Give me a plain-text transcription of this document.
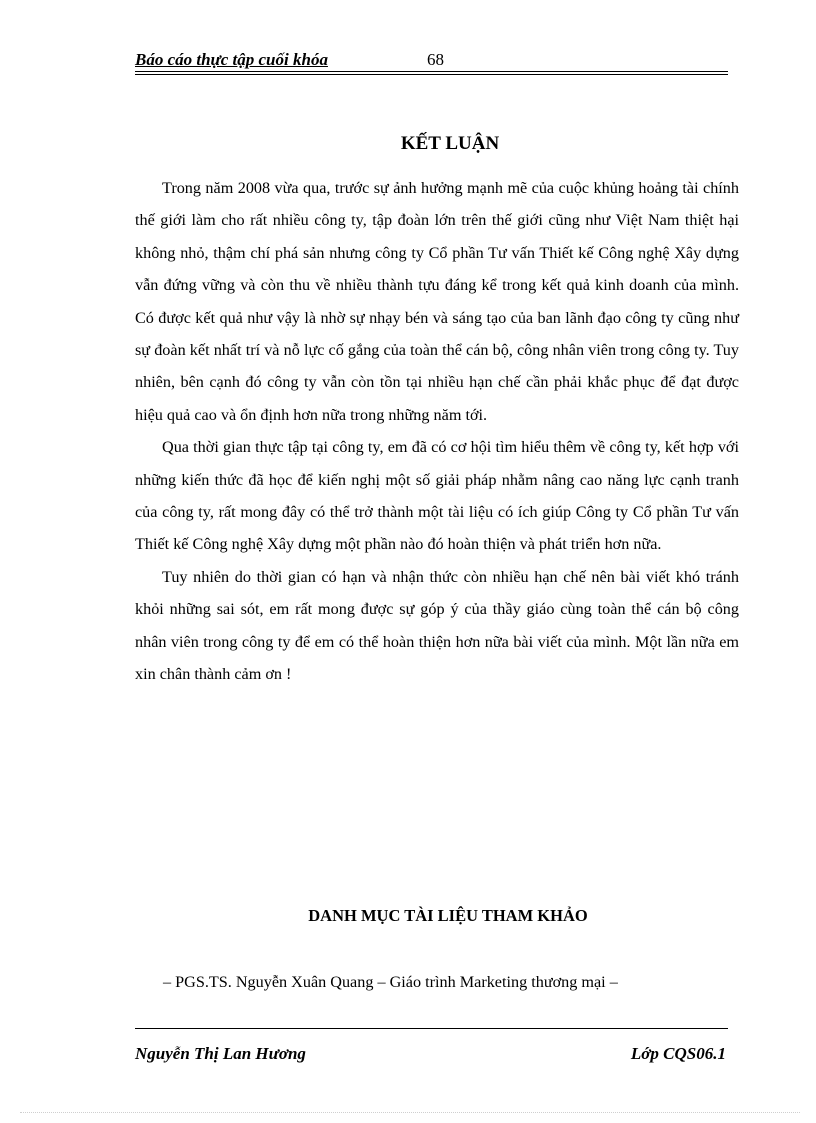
Báo cáo thực tập cuối khóa	68
KẾT LUẬN

Trong năm 2008 vừa qua, trước sự ảnh hưởng mạnh mẽ của cuộc khủng hoảng tài chính thế giới làm cho rất nhiều công ty, tập đoàn lớn trên thế giới cũng như Việt Nam thiệt hại không nhỏ, thậm chí phá sản nhưng công ty Cổ phần Tư vấn Thiết kế Công nghệ Xây dựng vẫn đứng vững và còn thu về nhiều thành tựu đáng kể trong kết quả kinh doanh của mình. Có được kết quả như vậy là nhờ sự nhạy bén và sáng tạo của ban lãnh đạo công ty cũng như sự đoàn kết nhất trí và nỗ lực cố gắng của toàn thể cán bộ, công nhân viên trong công ty. Tuy nhiên, bên cạnh đó công ty vẫn còn tồn tại nhiều hạn chế cần phải khắc phục để đạt được hiệu quả cao và ổn định hơn nữa trong những năm tới.

Qua thời gian thực tập tại công ty, em đã có cơ hội tìm hiểu thêm về công ty, kết hợp với những kiến thức đã học để kiến nghị một số giải pháp nhằm nâng cao năng lực cạnh tranh của công ty, rất mong đây có thể trở thành một tài liệu có ích giúp Công ty Cổ phần Tư vấn Thiết kế Công nghệ Xây dựng một phần nào đó hoàn thiện và phát triển hơn nữa.

Tuy nhiên do thời gian có hạn và nhận thức còn nhiều hạn chế nên bài viết khó tránh khỏi những sai sót, em rất mong được sự góp ý của thầy giáo cùng toàn thể cán bộ công nhân viên trong công ty để em có thể hoàn thiện hơn nữa bài viết của mình. Một lần nữa em xin chân thành cảm ơn !

DANH MỤC TÀI LIỆU THAM KHẢO
– PGS.TS. Nguyễn Xuân Quang – Giáo trình Marketing thương mại –
Nguyễn Thị Lan Hương	Lớp CQS06.1
